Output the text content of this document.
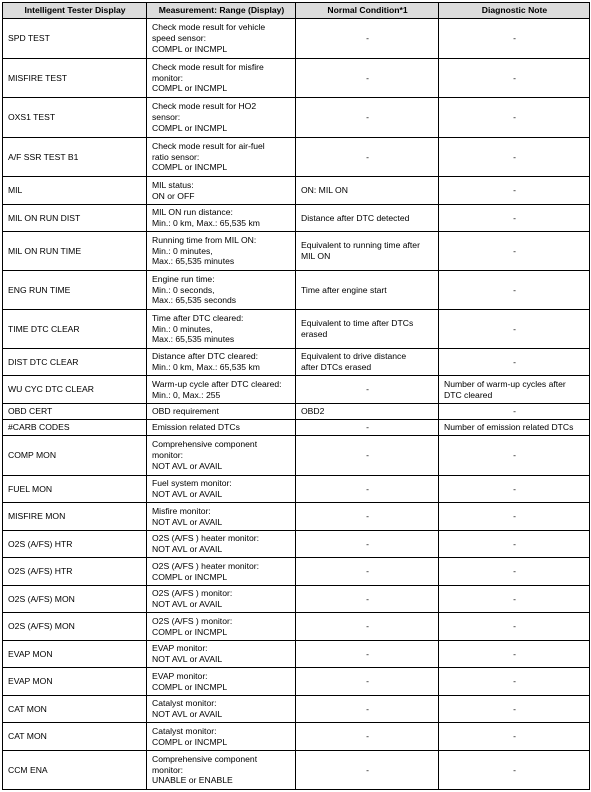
Intelligent Tester Display	Measurement: Range (Display)	Normal Condition*1	Diagnostic Note

SPD TEST	Check mode result for vehicle
speed sensor:
COMPL or INCMPL	-	-

MISFIRE TEST	Check mode result for misfire
monitor:
COMPL or INCMPL	-	-

OXS1 TEST	Check mode result for HO2
sensor:
COMPL or INCMPL	-	-

A/F SSR TEST B1	Check mode result for air-fuel
ratio sensor:
COMPL or INCMPL	-	-

MIL	MIL status:
ON or OFF	ON: MIL ON	-

MIL ON RUN DIST	MIL ON run distance:
Min.: 0 km, Max.: 65,535 km	Distance after DTC detected	-

MIL ON RUN TIME	Running time from MIL ON:
Min.: 0 minutes,
Max.: 65,535 minutes	Equivalent to running time after
MIL ON	-

ENG RUN TIME	Engine run time:
Min.: 0 seconds,
Max.: 65,535 seconds	Time after engine start	-

TIME DTC CLEAR	Time after DTC cleared:
Min.: 0 minutes,
Max.: 65,535 minutes	Equivalent to time after DTCs
erased	-

DIST DTC CLEAR	Distance after DTC cleared:
Min.: 0 km, Max.: 65,535 km	Equivalent to drive distance
after DTCs erased	-

WU CYC DTC CLEAR	Warm-up cycle after DTC cleared:
Min.: 0, Max.: 255	-	Number of warm-up cycles after
DTC cleared

OBD CERT	OBD requirement	OBD2	-

#CARB CODES	Emission related DTCs	-	Number of emission related DTCs

COMP MON	Comprehensive component
monitor:
NOT AVL or AVAIL	-	-

FUEL MON	Fuel system monitor:
NOT AVL or AVAIL	-	-

MISFIRE MON	Misfire monitor:
NOT AVL or AVAIL	-	-

O2S (A/FS) HTR	O2S (A/FS ) heater monitor:
NOT AVL or AVAIL	-	-

O2S (A/FS) HTR	O2S (A/FS ) heater monitor:
COMPL or INCMPL	-	-

O2S (A/FS) MON	O2S (A/FS ) monitor:
NOT AVL or AVAIL	-	-

O2S (A/FS) MON	O2S (A/FS ) monitor:
COMPL or INCMPL	-	-

EVAP MON	EVAP monitor:
NOT AVL or AVAIL	-	-

EVAP MON	EVAP monitor:
COMPL or INCMPL	-	-

CAT MON	Catalyst monitor:
NOT AVL or AVAIL	-	-

CAT MON	Catalyst monitor:
COMPL or INCMPL	-	-

CCM ENA	Comprehensive component
monitor:
UNABLE or ENABLE	-	-
